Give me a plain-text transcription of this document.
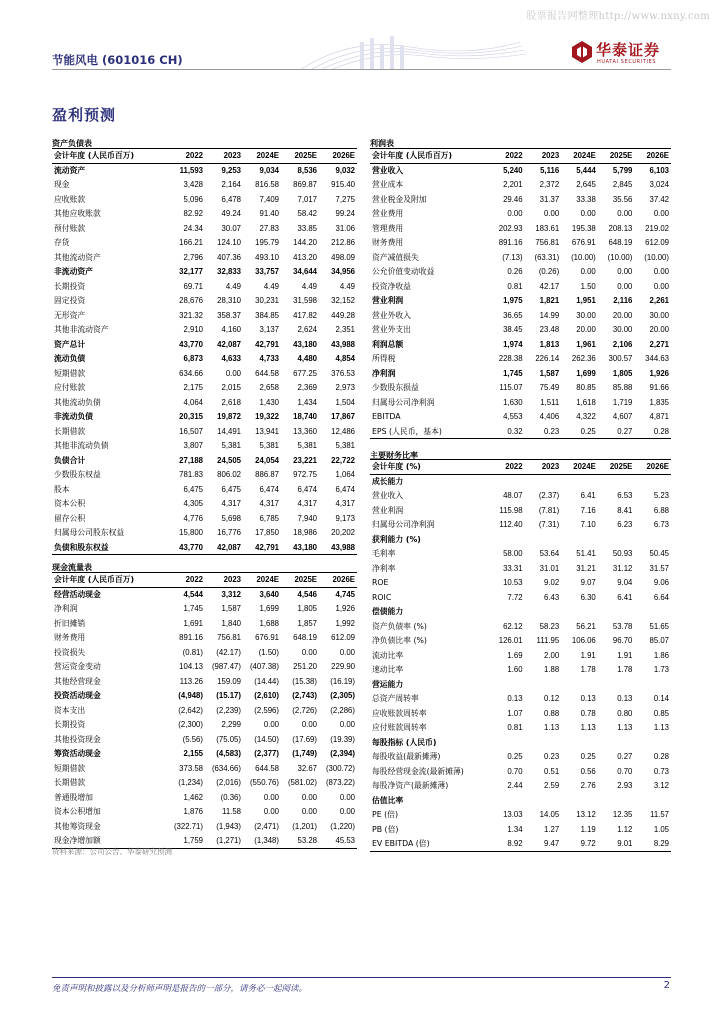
股票报告网整理http://www.nxny.com
节能风电 (601016 CH)
华泰证券
HUATAI SECURITIES
盈利预测
资产负债表
会计年度 (人民币百万)	2022	2023	2024E	2025E	2026E
流动资产	11,593	9,253	9,034	8,536	9,032
现金	3,428	2,164	816.58	869.87	915.40
应收账款	5,096	6,478	7,409	7,017	7,275
其他应收账款	82.92	49.24	91.40	58.42	99.24
预付账款	24.34	30.07	27.83	33.85	31.06
存货	166.21	124.10	195.79	144.20	212.86
其他流动资产	2,796	407.36	493.10	413.20	498.09
非流动资产	32,177	32,833	33,757	34,644	34,956
长期投资	69.71	4.49	4.49	4.49	4.49
固定投资	28,676	28,310	30,231	31,598	32,152
无形资产	321.32	358.37	384.85	417.82	449.28
其他非流动资产	2,910	4,160	3,137	2,624	2,351
资产总计	43,770	42,087	42,791	43,180	43,988
流动负债	6,873	4,633	4,733	4,480	4,854
短期借款	634.66	0.00	644.58	677.25	376.53
应付账款	2,175	2,015	2,658	2,369	2,973
其他流动负债	4,064	2,618	1,430	1,434	1,504
非流动负债	20,315	19,872	19,322	18,740	17,867
长期借款	16,507	14,491	13,941	13,360	12,486
其他非流动负债	3,807	5,381	5,381	5,381	5,381
负债合计	27,188	24,505	24,054	23,221	22,722
少数股东权益	781.83	806.02	886.87	972.75	1,064
股本	6,475	6,475	6,474	6,474	6,474
资本公积	4,305	4,317	4,317	4,317	4,317
留存公积	4,776	5,698	6,785	7,940	9,173
归属母公司股东权益	15,800	16,776	17,850	18,986	20,202
负债和股东权益	43,770	42,087	42,791	43,180	43,988
现金流量表
会计年度 (人民币百万)	2022	2023	2024E	2025E	2026E
经营活动现金	4,544	3,312	3,640	4,546	4,745
净利润	1,745	1,587	1,699	1,805	1,926
折旧摊销	1,691	1,840	1,688	1,857	1,992
财务费用	891.16	756.81	676.91	648.19	612.09
投资损失	(0.81)	(42.17)	(1.50)	0.00	0.00
营运资金变动	104.13	(987.47)	(407.38)	251.20	229.90
其他经营现金	113.26	159.09	(14.44)	(15.38)	(16.19)
投资活动现金	(4,948)	(15.17)	(2,610)	(2,743)	(2,305)
资本支出	(2,642)	(2,239)	(2,596)	(2,726)	(2,286)
长期投资	(2,300)	2,299	0.00	0.00	0.00
其他投资现金	(5.56)	(75.05)	(14.50)	(17.69)	(19.39)
筹资活动现金	2,155	(4,583)	(2,377)	(1,749)	(2,394)
短期借款	373.58	(634.66)	644.58	32.67	(300.72)
长期借款	(1,234)	(2,016)	(550.76)	(581.02)	(873.22)
普通股增加	1,462	(0.36)	0.00	0.00	0.00
资本公积增加	1,876	11.58	0.00	0.00	0.00
其他筹资现金	(322.71)	(1,943)	(2,471)	(1,201)	(1,220)
现金净增加额	1,759	(1,271)	(1,348)	53.28	45.53
利润表
会计年度 (人民币百万)	2022	2023	2024E	2025E	2026E
营业收入	5,240	5,116	5,444	5,799	6,103
营业成本	2,201	2,372	2,645	2,845	3,024
营业税金及附加	29.46	31.37	33.38	35.56	37.42
营业费用	0.00	0.00	0.00	0.00	0.00
管理费用	202.93	183.61	195.38	208.13	219.02
财务费用	891.16	756.81	676.91	648.19	612.09
资产减值损失	(7.13)	(63.31)	(10.00)	(10.00)	(10.00)
公允价值变动收益	0.26	(0.26)	0.00	0.00	0.00
投资净收益	0.81	42.17	1.50	0.00	0.00
营业利润	1,975	1,821	1,951	2,116	2,261
营业外收入	36.65	14.99	30.00	20.00	30.00
营业外支出	38.45	23.48	20.00	30.00	20.00
利润总额	1,974	1,813	1,961	2,106	2,271
所得税	228.38	226.14	262.36	300.57	344.63
净利润	1,745	1,587	1,699	1,805	1,926
少数股东损益	115.07	75.49	80.85	85.88	91.66
归属母公司净利润	1,630	1,511	1,618	1,719	1,835
EBITDA	4,553	4,406	4,322	4,607	4,871
EPS (人民币，基本)	0.32	0.23	0.25	0.27	0.28
主要财务比率
会计年度 (%)	2022	2023	2024E	2025E	2026E
成长能力					
营业收入	48.07	(2.37)	6.41	6.53	5.23
营业利润	115.98	(7.81)	7.16	8.41	6.88
归属母公司净利润	112.40	(7.31)	7.10	6.23	6.73
获利能力 (%)					
毛利率	58.00	53.64	51.41	50.93	50.45
净利率	33.31	31.01	31.21	31.12	31.57
ROE	10.53	9.02	9.07	9.04	9.06
ROIC	7.72	6.43	6.30	6.41	6.64
偿债能力					
资产负债率 (%)	62.12	58.23	56.21	53.78	51.65
净负债比率 (%)	126.01	111.95	106.06	96.70	85.07
流动比率	1.69	2.00	1.91	1.91	1.86
速动比率	1.60	1.88	1.78	1.78	1.73
营运能力					
总资产周转率	0.13	0.12	0.13	0.13	0.14
应收账款周转率	1.07	0.88	0.78	0.80	0.85
应付账款周转率	0.81	1.13	1.13	1.13	1.13
每股指标 (人民币)					
每股收益(最新摊薄)	0.25	0.23	0.25	0.27	0.28
每股经营现金流(最新摊薄)	0.70	0.51	0.56	0.70	0.73
每股净资产(最新摊薄)	2.44	2.59	2.76	2.93	3.12
估值比率					
PE (倍)	13.03	14.05	13.12	12.35	11.57
PB (倍)	1.34	1.27	1.19	1.12	1.05
EV EBITDA (倍)	8.92	9.47	9.72	9.01	8.29
资料来源：公司公告、华泰研究预测
免责声明和披露以及分析师声明是报告的一部分，请务必一起阅读。	2
